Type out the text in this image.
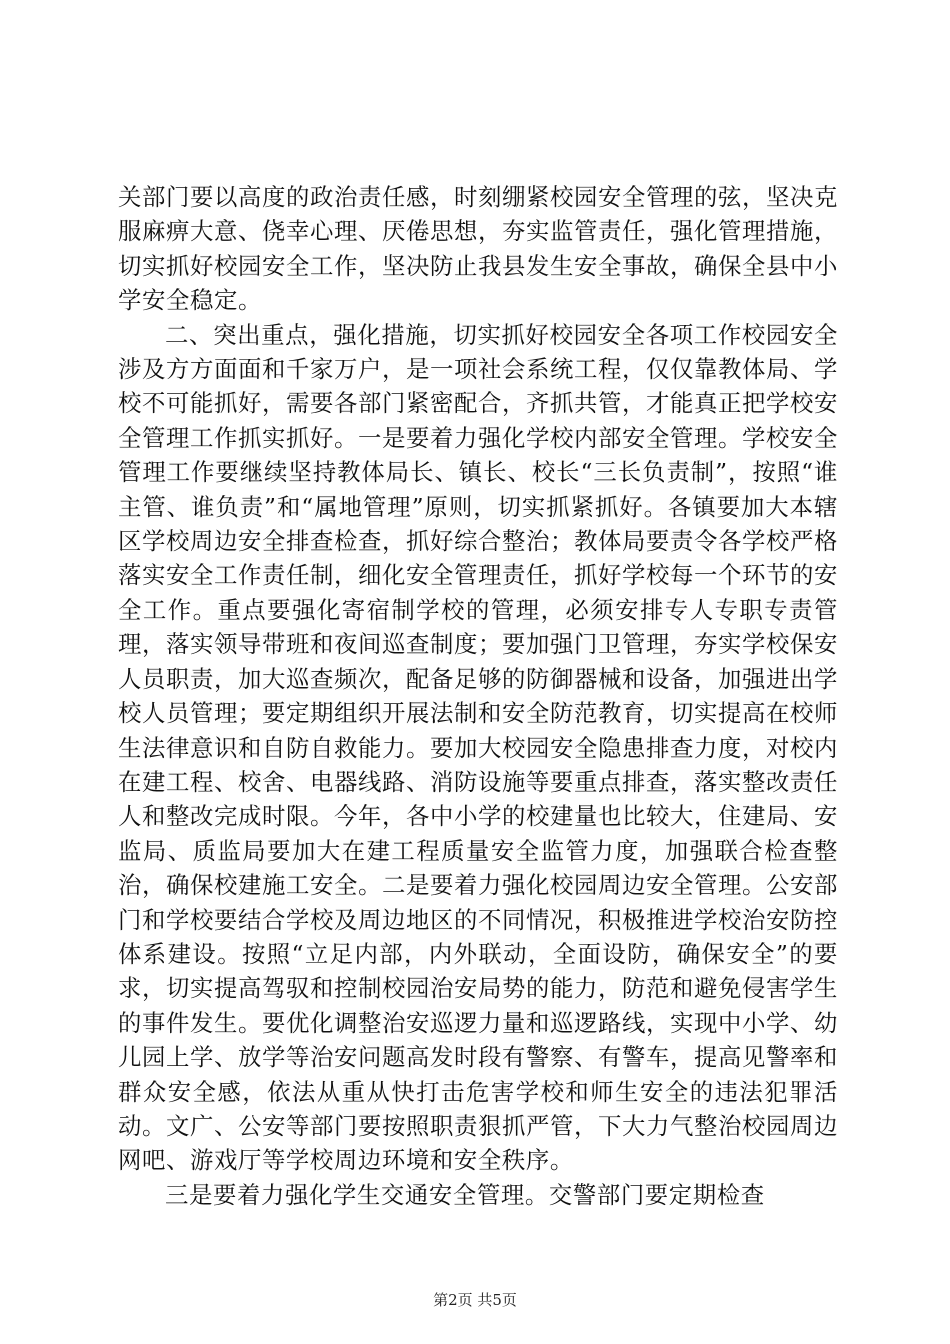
关部门要以高度的政治责任感，时刻绷紧校园安全管理的弦，坚决克服麻痹大意、侥幸心理、厌倦思想，夯实监管责任，强化管理措施，切实抓好校园安全工作，坚决防止我县发生安全事故，确保全县中小学安全稳定。

二、突出重点，强化措施，切实抓好校园安全各项工作校园安全涉及方方面面和千家万户，是一项社会系统工程，仅仅靠教体局、学校不可能抓好，需要各部门紧密配合，齐抓共管，才能真正把学校安全管理工作抓实抓好。一是要着力强化学校内部安全管理。学校安全管理工作要继续坚持教体局长、镇长、校长“三长负责制”，按照“谁主管、谁负责”和“属地管理”原则，切实抓紧抓好。各镇要加大本辖区学校周边安全排查检查，抓好综合整治；教体局要责令各学校严格落实安全工作责任制，细化安全管理责任，抓好学校每一个环节的安全工作。重点要强化寄宿制学校的管理，必须安排专人专职专责管理，落实领导带班和夜间巡查制度；要加强门卫管理，夯实学校保安人员职责，加大巡查频次，配备足够的防御器械和设备，加强进出学校人员管理；要定期组织开展法制和安全防范教育，切实提高在校师生法律意识和自防自救能力。要加大校园安全隐患排查力度，对校内在建工程、校舍、电器线路、消防设施等要重点排查，落实整改责任人和整改完成时限。今年，各中小学的校建量也比较大，住建局、安监局、质监局要加大在建工程质量安全监管力度，加强联合检查整治，确保校建施工安全。二是要着力强化校园周边安全管理。公安部门和学校要结合学校及周边地区的不同情况，积极推进学校治安防控体系建设。按照“立足内部，内外联动，全面设防，确保安全”的要求，切实提高驾驭和控制校园治安局势的能力，防范和避免侵害学生的事件发生。要优化调整治安巡逻力量和巡逻路线，实现中小学、幼儿园上学、放学等治安问题高发时段有警察、有警车，提高见警率和群众安全感，依法从重从快打击危害学校和师生安全的违法犯罪活动。文广、公安等部门要按照职责狠抓严管，下大力气整治校园周边网吧、游戏厅等学校周边环境和安全秩序。

三是要着力强化学生交通安全管理。交警部门要定期检查

第2页 共5页
